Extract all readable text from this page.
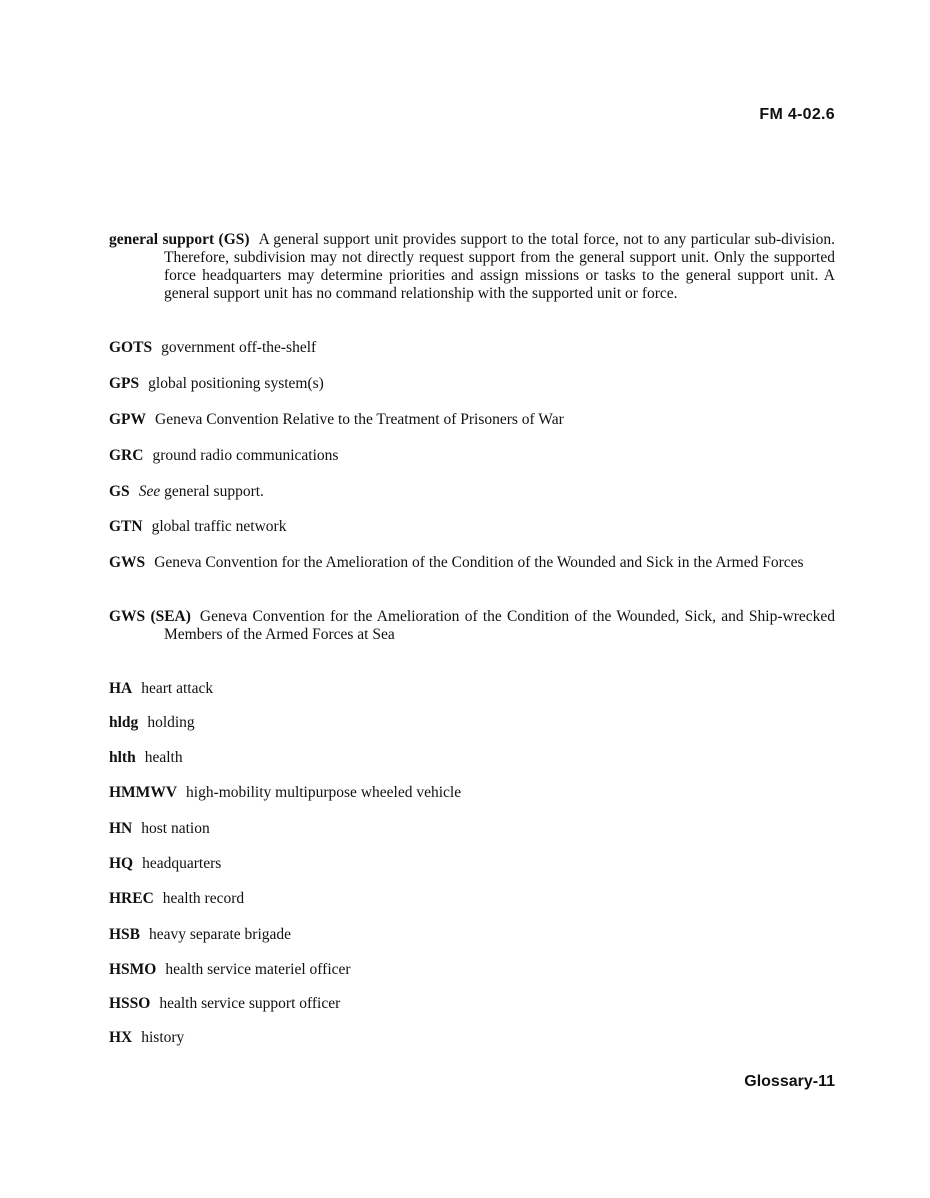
FM 4-02.6
general support (GS) A general support unit provides support to the total force, not to any particular sub-division. Therefore, subdivision may not directly request support from the general support unit. Only the supported force headquarters may determine priorities and assign missions or tasks to the general support unit. A general support unit has no command relationship with the supported unit or force.
GOTS government off-the-shelf
GPS global positioning system(s)
GPW Geneva Convention Relative to the Treatment of Prisoners of War
GRC ground radio communications
GS See general support.
GTN global traffic network
GWS Geneva Convention for the Amelioration of the Condition of the Wounded and Sick in the Armed Forces
GWS (SEA) Geneva Convention for the Amelioration of the Condition of the Wounded, Sick, and Ship-wrecked Members of the Armed Forces at Sea
HA heart attack
hldg holding
hlth health
HMMWV high-mobility multipurpose wheeled vehicle
HN host nation
HQ headquarters
HREC health record
HSB heavy separate brigade
HSMO health service materiel officer
HSSO health service support officer
HX history
Glossary-11
